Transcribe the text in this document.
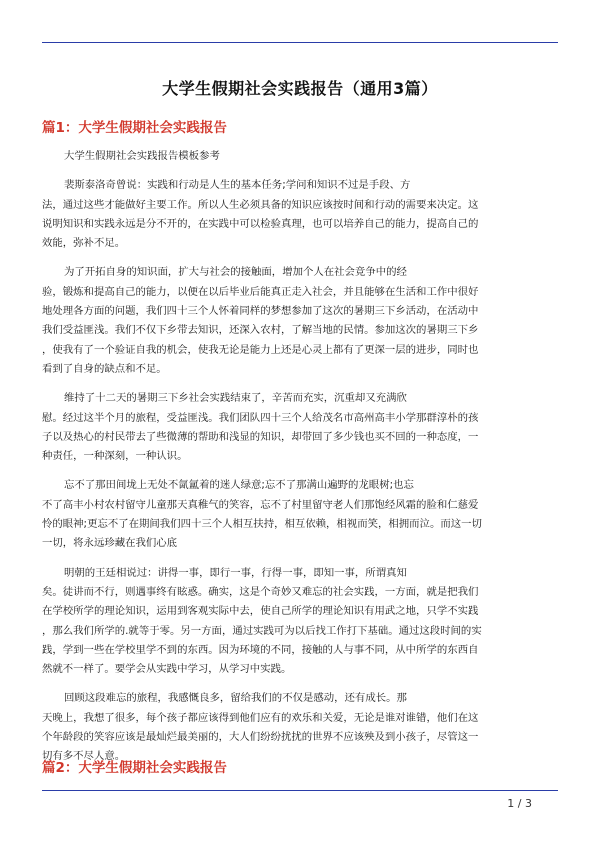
大学生假期社会实践报告（通用3篇）
篇1：大学生假期社会实践报告

大学生假期社会实践报告模板参考

裴斯泰洛奇曾说：实践和行动是人生的基本任务;学问和知识不过是手段、方
法，通过这些才能做好主要工作。所以人生必须具备的知识应该按时间和行动的需要来决定。这
说明知识和实践永远是分不开的，在实践中可以检验真理，也可以培养自己的能力，提高自己的
效能，弥补不足。

为了开拓自身的知识面，扩大与社会的接触面，增加个人在社会竞争中的经
验，锻炼和提高自己的能力，以便在以后毕业后能真正走入社会，并且能够在生活和工作中很好
地处理各方面的问题，我们四十三个人怀着同样的梦想参加了这次的暑期三下乡活动，在活动中
我们受益匪浅。我们不仅下乡带去知识，还深入农村，了解当地的民情。参加这次的暑期三下乡
，使我有了一个验证自我的机会，使我无论是能力上还是心灵上都有了更深一层的进步，同时也
看到了自身的缺点和不足。

维持了十二天的暑期三下乡社会实践结束了，辛苦而充实，沉重却又充满欣
慰。经过这半个月的旅程，受益匪浅。我们团队四十三个人给茂名市高州高丰小学那群淳朴的孩
子以及热心的村民带去了些微薄的帮助和浅显的知识，却带回了多少钱也买不回的一种态度，一
种责任，一种深刻，一种认识。

忘不了那田间垅上无处不氤氲着的迷人绿意;忘不了那满山遍野的龙眼树;也忘
不了高丰小村农村留守儿童那天真稚气的笑容，忘不了村里留守老人们那饱经风霜的脸和仁慈爱
怜的眼神;更忘不了在期间我们四十三个人相互扶持，相互依赖，相视而笑，相拥而泣。而这一切
一切，将永远珍藏在我们心底

明朝的王廷相说过：讲得一事，即行一事，行得一事，即知一事，所谓真知
矣。徒讲而不行，则遇事终有眩惑。确实，这是个奇妙又难忘的社会实践，一方面，就是把我们
在学校所学的理论知识，运用到客观实际中去，使自己所学的理论知识有用武之地，只学不实践
，那么我们所学的.就等于零。另一方面，通过实践可为以后找工作打下基础。通过这段时间的实
践，学到一些在学校里学不到的东西。因为环境的不同，接触的人与事不同，从中所学的东西自
然就不一样了。要学会从实践中学习，从学习中实践。

回顾这段难忘的旅程，我感慨良多，留给我们的不仅是感动，还有成长。那
天晚上，我想了很多，每个孩子都应该得到他们应有的欢乐和关爱，无论是谁对谁错，他们在这
个年龄段的笑容应该是最灿烂最美丽的，大人们纷纷扰扰的世界不应该殃及到小孩子，尽管这一
切有多不尽人意。

篇2：大学生假期社会实践报告
1 / 3
